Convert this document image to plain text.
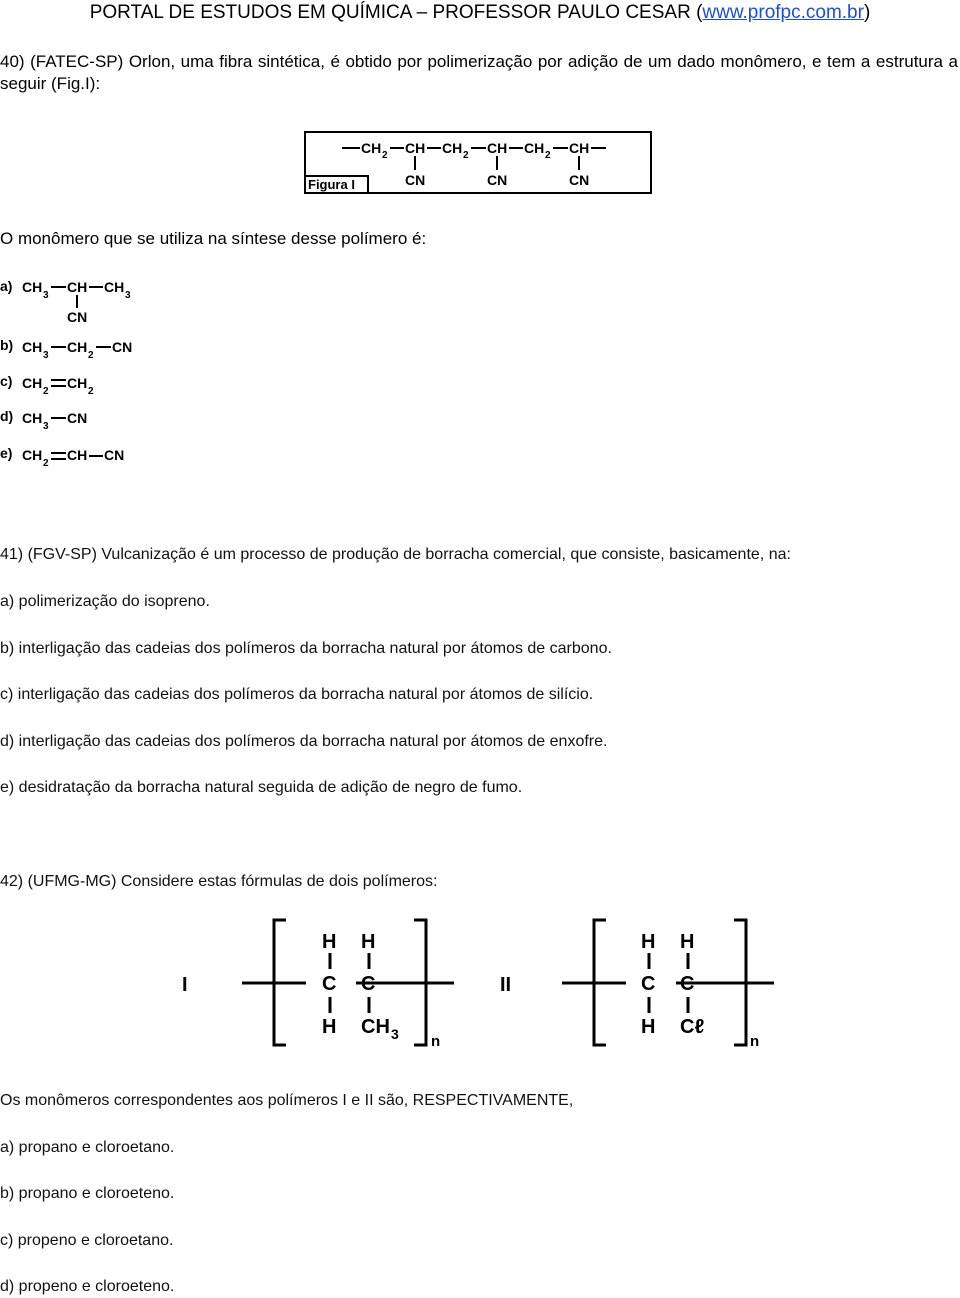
PORTAL DE ESTUDOS EM QUÍMICA – PROFESSOR PAULO CESAR (www.profpc.com.br)
40) (FATEC-SP) Orlon, uma fibra sintética, é obtido por polimerização por adição de um dado monômero, e tem a estrutura a seguir (Fig.I):
Figura I
CH 2 CH CH 2 CH CH 2 CH
CN	CN	CN
O monômero que se utiliza na síntese desse polímero é:
a) CH
3
CH CH
3
CN
b) CH
3
CH
2
CN
c) CH
2
CH
2
d) CH
3
CN
e) CH
2
CH CN
41) (FGV-SP) Vulcanização é um processo de produção de borracha comercial, que consiste, basicamente, na:
a) polimerização do isopreno.
b) interligação das cadeias dos polímeros da borracha natural por átomos de carbono.
c) interligação das cadeias dos polímeros da borracha natural por átomos de silício.
d) interligação das cadeias dos polímeros da borracha natural por átomos de enxofre.
e) desidratação da borracha natural seguida de adição de negro de fumo.
42) (UFMG-MG) Considere estas fórmulas de dois polímeros:
I
H H
C C
H CH 3 n
II
H H
C C
H Cℓ
n
Os monômeros correspondentes aos polímeros I e II são, RESPECTIVAMENTE,
a) propano e cloroetano.
b) propano e cloroeteno.
c) propeno e cloroetano.
d) propeno e cloroeteno.
